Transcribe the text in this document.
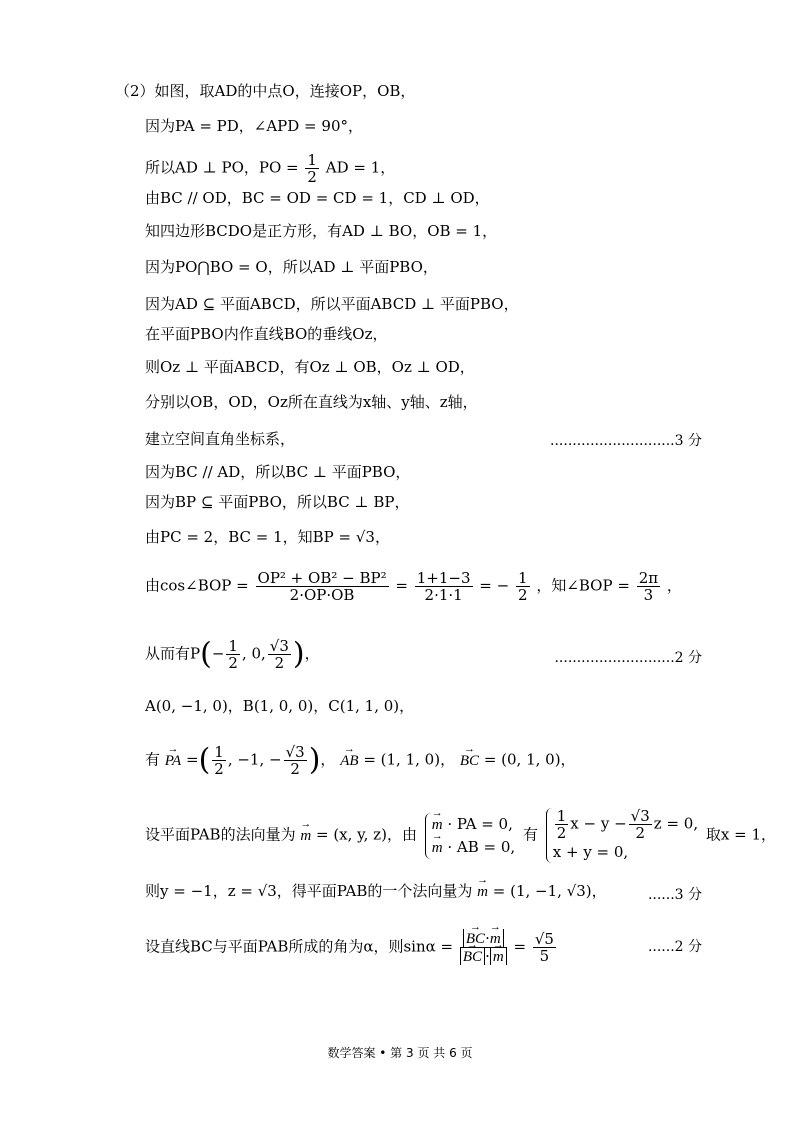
（2）如图，取AD的中点O，连接OP，OB，
因为PA = PD，∠APD = 90°，
所以AD ⊥ PO，PO = $\frac{1}{2}$ AD = 1，
由BC // OD，BC = OD = CD = 1，CD ⊥ OD，
知四边形BCDO是正方形，有AD ⊥ BO，OB = 1，
因为PO⋂BO = O，所以AD ⊥ 平面PBO，
因为AD ⊆ 平面ABCD，所以平面ABCD ⊥ 平面PBO，
在平面PBO内作直线BO的垂线Oz，
则Oz ⊥ 平面ABCD，有Oz ⊥ OB，Oz ⊥ OD，
分别以OB，OD，Oz所在直线为x轴、y轴、z轴，
建立空间直角坐标系，	............................3 分
因为BC // AD，所以BC ⊥ 平面PBO，
因为BP ⊆ 平面PBO，所以BC ⊥ BP，
由PC = 2，BC = 1，知BP = √3，
由cos∠BOP = $\frac{\text{OP² + OB² − BP²}}{2\cdot OP\cdot OB} = \frac{1+1-3}{2\cdot 1\cdot 1}$ = − $\frac{1}{2}$ ，知∠BOP = $\frac{2\pi}{3}$ ，
从而有$P(- \frac{1}{2}$ , 0, $\frac{√3}{2}$ )，	...........................2 分
A(0, −1, 0)，B(1, 0, 0)，C(1, 1, 0)，
有 → PA =( $\frac{1}{2}$ , −1, − $\frac{√3}{2}$ )， → AB = (1, 1, 0)， → BC = (0, 1, 0)，
设平面PAB的法向量为 → m = (x, y, z)，由
→ m · PA = 0,
→ m · AB = 0,
有 $\frac{1}{2}$ $x - y - \frac{√3}{2}$ z = 0,
x + y = 0,
取x = 1，
则y = −1，z = √3，得平面PAB的一个法向量为 → m = (1, −1, √3)，	......3 分
设直线BC与平面PAB所成的角为α，则sinα = → BC·→ m
→ BC · → $m = \frac{√5}{5}$	......2 分
数学答案 • 第 3 页 共 6 页
